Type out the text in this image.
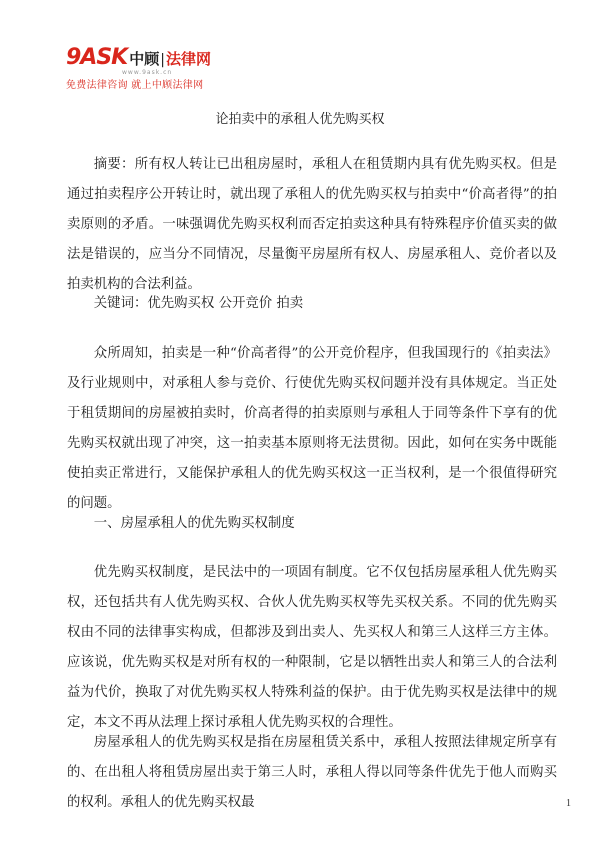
9ASK 中顾 | 法律网
www.9ask.cn
免费法律咨询 就上中顾法律网
论拍卖中的承租人优先购买权

摘要：所有权人转让已出租房屋时，承租人在租赁期内具有优先购买权。但是通过拍卖程序公开转让时，就出现了承租人的优先购买权与拍卖中“价高者得”的拍卖原则的矛盾。一味强调优先购买权利而否定拍卖这种具有特殊程序价值买卖的做法是错误的，应当分不同情况，尽量衡平房屋所有权人、房屋承租人、竞价者以及拍卖机构的合法利益。

关键词：优先购买权 公开竞价 拍卖

众所周知，拍卖是一种“价高者得”的公开竞价程序，但我国现行的《拍卖法》及行业规则中，对承租人参与竞价、行使优先购买权问题并没有具体规定。当正处于租赁期间的房屋被拍卖时，价高者得的拍卖原则与承租人于同等条件下享有的优先购买权就出现了冲突，这一拍卖基本原则将无法贯彻。因此，如何在实务中既能使拍卖正常进行，又能保护承租人的优先购买权这一正当权利，是一个很值得研究的问题。

一、房屋承租人的优先购买权制度

优先购买权制度，是民法中的一项固有制度。它不仅包括房屋承租人优先购买权，还包括共有人优先购买权、合伙人优先购买权等先买权关系。不同的优先购买权由不同的法律事实构成，但都涉及到出卖人、先买权人和第三人这样三方主体。应该说，优先购买权是对所有权的一种限制，它是以牺牲出卖人和第三人的合法利益为代价，换取了对优先购买权人特殊利益的保护。由于优先购买权是法律中的规定，本文不再从法理上探讨承租人优先购买权的合理性。

房屋承租人的优先购买权是指在房屋租赁关系中，承租人按照法律规定所享有的、在出租人将租赁房屋出卖于第三人时，承租人得以同等条件优先于他人而购买的权利。承租人的优先购买权最	1
